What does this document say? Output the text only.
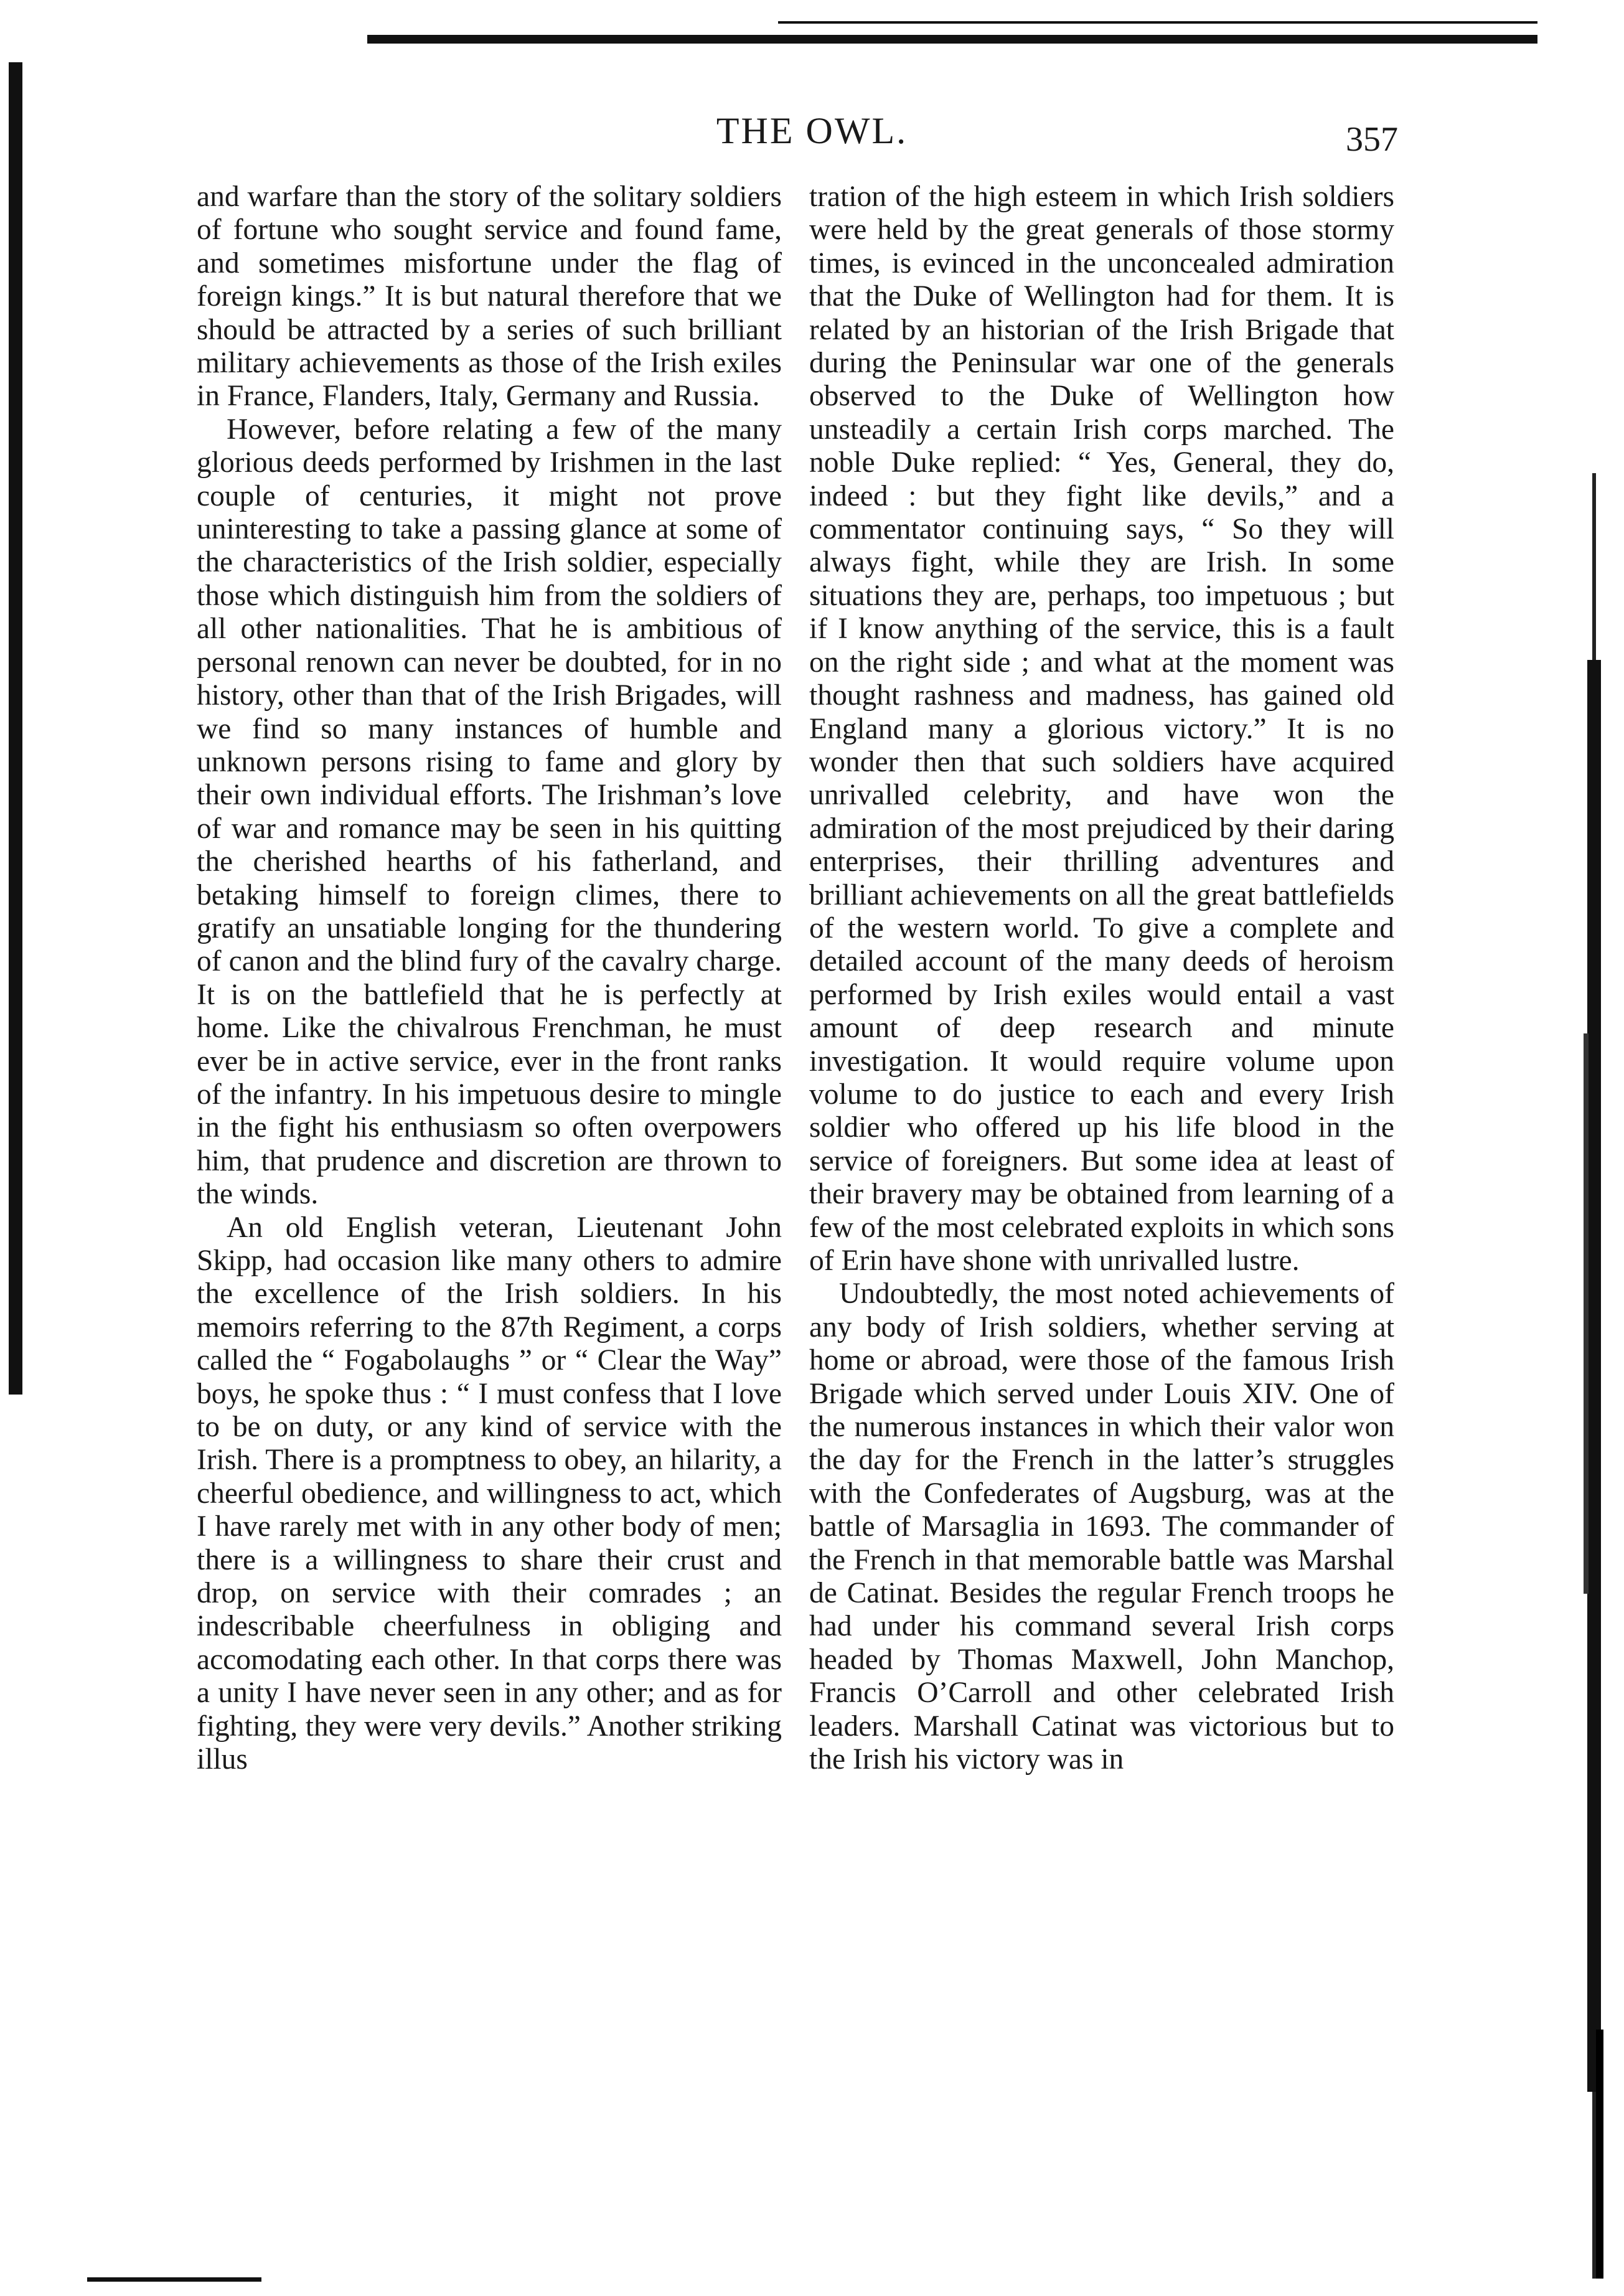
THE OWL.	357

and warfare than the story of the solitary soldiers of fortune who sought service and found fame, and sometimes misfortune under the flag of foreign kings.” It is but natural therefore that we should be attracted by a series of such brilliant military achievements as those of the Irish exiles in France, Flanders, Italy, Germany and Russia.

However, before relating a few of the many glorious deeds performed by Irishmen in the last couple of centuries, it might not prove uninteresting to take a passing glance at some of the characteristics of the Irish soldier, especially those which distinguish him from the soldiers of all other nationalities. That he is ambitious of personal renown can never be doubted, for in no history, other than that of the Irish Brigades, will we find so many instances of humble and unknown persons rising to fame and glory by their own individual efforts. The Irishman’s love of war and romance may be seen in his quitting the cherished hearths of his fatherland, and betaking himself to foreign climes, there to gratify an unsatiable longing for the thundering of canon and the blind fury of the cavalry charge. It is on the battlefield that he is perfectly at home. Like the chivalrous Frenchman, he must ever be in active service, ever in the front ranks of the infantry. In his impetuous desire to mingle in the fight his enthusiasm so often overpowers him, that prudence and discretion are thrown to the winds.

An old English veteran, Lieutenant John Skipp, had occasion like many others to admire the excellence of the Irish soldiers. In his memoirs referring to the 87th Regiment, a corps called the “ Fogabolaughs ” or “ Clear the Way” boys, he spoke thus : “ I must confess that I love to be on duty, or any kind of service with the Irish. There is a promptness to obey, an hilarity, a cheerful obedience, and willingness to act, which I have rarely met with in any other body of men; there is a willingness to share their crust and drop, on service with their comrades ; an indescribable cheerfulness in obliging and accomodating each other. In that corps there was a unity I have never seen in any other; and as for fighting, they were very devils.” Another striking illus

tration of the high esteem in which Irish soldiers were held by the great generals of those stormy times, is evinced in the unconcealed admiration that the Duke of Wellington had for them. It is related by an historian of the Irish Brigade that during the Peninsular war one of the generals observed to the Duke of Wellington how unsteadily a certain Irish corps marched. The noble Duke replied: “ Yes, General, they do, indeed : but they fight like devils,” and a commentator continuing says, “ So they will always fight, while they are Irish. In some situations they are, perhaps, too impetuous ; but if I know anything of the service, this is a fault on the right side ; and what at the moment was thought rashness and madness, has gained old England many a glorious victory.” It is no wonder then that such soldiers have acquired unrivalled celebrity, and have won the admiration of the most prejudiced by their daring enterprises, their thrilling adventures and brilliant achievements on all the great battlefields of the western world. To give a complete and detailed account of the many deeds of heroism performed by Irish exiles would entail a vast amount of deep research and minute investigation. It would require volume upon volume to do justice to each and every Irish soldier who offered up his life blood in the service of foreigners. But some idea at least of their bravery may be obtained from learning of a few of the most celebrated exploits in which sons of Erin have shone with unrivalled lustre.

Undoubtedly, the most noted achievements of any body of Irish soldiers, whether serving at home or abroad, were those of the famous Irish Brigade which served under Louis XIV. One of the numerous instances in which their valor won the day for the French in the latter’s struggles with the Confederates of Augsburg, was at the battle of Marsaglia in 1693. The commander of the French in that memorable battle was Marshal de Catinat. Besides the regular French troops he had under his command several Irish corps headed by Thomas Maxwell, John Manchop, Francis O’Carroll and other celebrated Irish leaders. Marshall Catinat was victorious but to the Irish his victory was in
